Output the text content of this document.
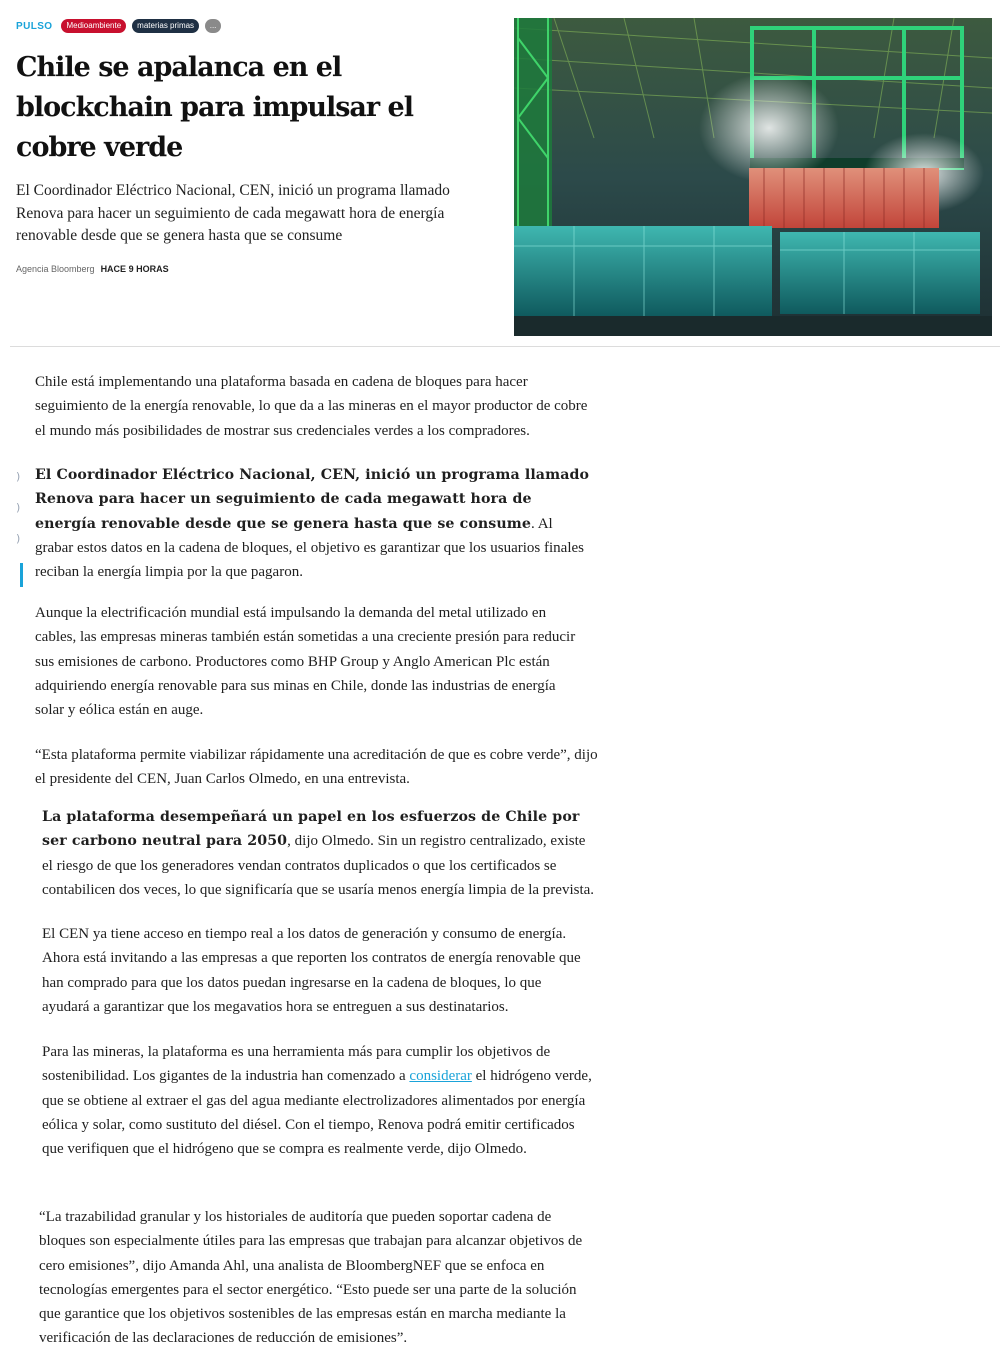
PULSO	Medioambiente	materias primas	...
Chile se apalanca en el blockchain para impulsar el cobre verde

El Coordinador Eléctrico Nacional, CEN, inició un programa llamado Renova para hacer un seguimiento de cada megawatt hora de energía renovable desde que se genera hasta que se consume

Agencia Bloomberg HACE 9 HORAS
)
)
)

Chile está implementando una plataforma basada en cadena de bloques para hacer seguimiento de la energía renovable, lo que da a las mineras en el mayor productor de cobre el mundo más posibilidades de mostrar sus credenciales verdes a los compradores.

El Coordinador Eléctrico Nacional, CEN, inició un programa llamado Renova para hacer un seguimiento de cada megawatt hora de energía renovable desde que se genera hasta que se consume. Al grabar estos datos en la cadena de bloques, el objetivo es garantizar que los usuarios finales reciban la energía limpia por la que pagaron.

Aunque la electrificación mundial está impulsando la demanda del metal utilizado en cables, las empresas mineras también están sometidas a una creciente presión para reducir sus emisiones de carbono. Productores como BHP Group y Anglo American Plc están adquiriendo energía renovable para sus minas en Chile, donde las industrias de energía solar y eólica están en auge.

“Esta plataforma permite viabilizar rápidamente una acreditación de que es cobre verde”, dijo el presidente del CEN, Juan Carlos Olmedo, en una entrevista.

La plataforma desempeñará un papel en los esfuerzos de Chile por ser carbono neutral para 2050, dijo Olmedo. Sin un registro centralizado, existe el riesgo de que los generadores vendan contratos duplicados o que los certificados se contabilicen dos veces, lo que significaría que se usaría menos energía limpia de la prevista.

El CEN ya tiene acceso en tiempo real a los datos de generación y consumo de energía. Ahora está invitando a las empresas a que reporten los contratos de energía renovable que han comprado para que los datos puedan ingresarse en la cadena de bloques, lo que ayudará a garantizar que los megavatios hora se entreguen a sus destinatarios.

Para las mineras, la plataforma es una herramienta más para cumplir los objetivos de sostenibilidad. Los gigantes de la industria han comenzado a considerar el hidrógeno verde, que se obtiene al extraer el gas del agua mediante electrolizadores alimentados por energía eólica y solar, como sustituto del diésel. Con el tiempo, Renova podrá emitir certificados que verifiquen que el hidrógeno que se compra es realmente verde, dijo Olmedo.

“La trazabilidad granular y los historiales de auditoría que pueden soportar cadena de bloques son especialmente útiles para las empresas que trabajan para alcanzar objetivos de cero emisiones”, dijo Amanda Ahl, una analista de BloombergNEF que se enfoca en tecnologías emergentes para el sector energético. “Esto puede ser una parte de la solución que garantice que los objetivos sostenibles de las empresas están en marcha mediante la verificación de las declaraciones de reducción de emisiones”.
